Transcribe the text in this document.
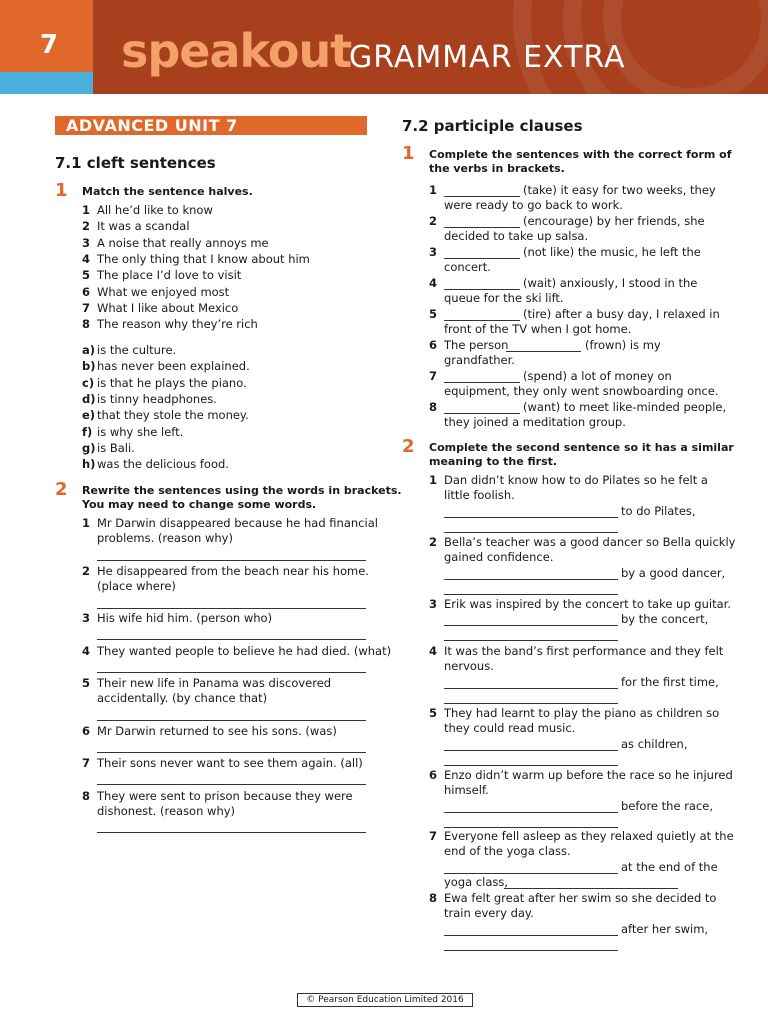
7 speakout
GRAMMAR EXTRA
ADVANCED UNIT 7
7.1 cleft sentences
1 Match the sentence halves.
1 All he’d like to know
2 It was a scandal
3 A noise that really annoys me
4 The only thing that I know about him
5 The place I’d love to visit
6 What we enjoyed most
7 What I like about Mexico
8 The reason why they’re rich
a) is the culture.
b) has never been explained.
c) is that he plays the piano.
d) is tinny headphones.
e) that they stole the money.
f) is why she left.
g) is Bali.
h) was the delicious food.
2 Rewrite the sentences using the words in brackets.
You may need to change some words.
1 Mr Darwin disappeared because he had financial
problems. (reason why)
2 He disappeared from the beach near his home.
(place where)
3 His wife hid him. (person who)
4 They wanted people to believe he had died. (what)
5 Their new life in Panama was discovered
accidentally. (by chance that)
6 Mr Darwin returned to see his sons. (was)
7 Their sons never want to see them again. (all)
8 They were sent to prison because they were
dishonest. (reason why)
7.2 participle clauses
1 Complete the sentences with the correct form of
the verbs in brackets.
1	(take) it easy for two weeks, they
were ready to go back to work.
2	(encourage) by her friends, she
decided to take up salsa.
3	(not like) the music, he left the
concert.
4	(wait) anxiously, I stood in the
queue for the ski lift.
5	(tire) after a busy day, I relaxed in
front of the TV when I got home.
6 The person	(frown) is my
grandfather.
7	(spend) a lot of money on
equipment, they only went snowboarding once.
8	(want) to meet like-minded people,
they joined a meditation group.
2 Complete the second sentence so it has a similar
meaning to the first.
1 Dan didn’t know how to do Pilates so he felt a
little foolish.
to do Pilates,
2 Bella’s teacher was a good dancer so Bella quickly
gained confidence.
by a good dancer,
3 Erik was inspired by the concert to take up guitar.
by the concert,
4 It was the band’s first performance and they felt
nervous.
for the first time,
5 They had learnt to play the piano as children so
they could read music.
as children,
6 Enzo didn’t warm up before the race so he injured
himself.
before the race,
7 Everyone fell asleep as they relaxed quietly at the
end of the yoga class.
at the end of the
yoga class,
8 Ewa felt great after her swim so she decided to
train every day.
after her swim,
© Pearson Education Limited 2016
